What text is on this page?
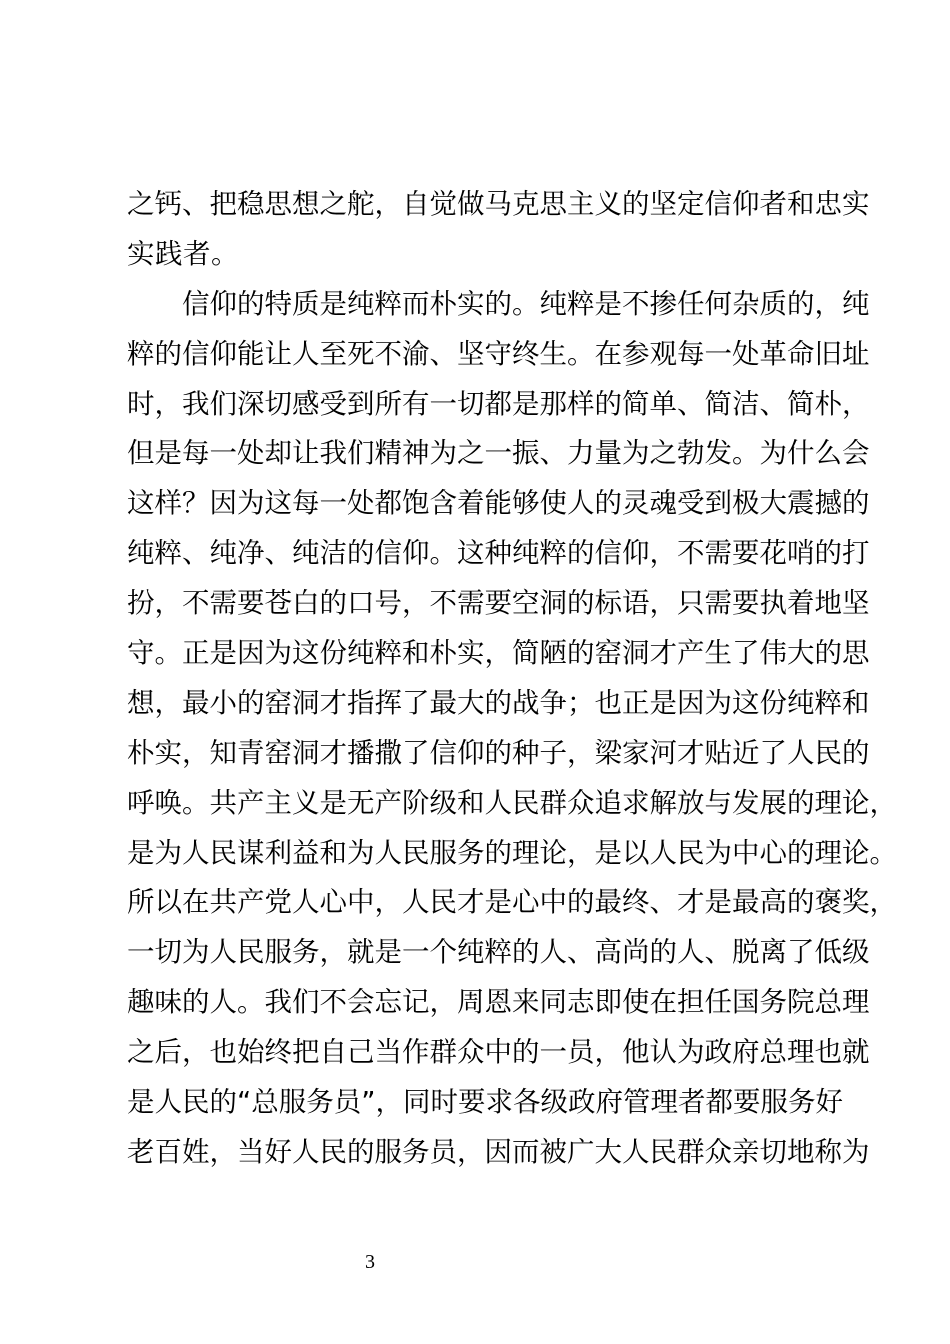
之钙、把稳思想之舵，自觉做马克思主义的坚定信仰者和忠实
实践者。
信仰的特质是纯粹而朴实的。纯粹是不掺任何杂质的，纯
粹的信仰能让人至死不渝、坚守终生。在参观每一处革命旧址
时，我们深切感受到所有一切都是那样的简单、简洁、简朴，
但是每一处却让我们精神为之一振、力量为之勃发。为什么会
这样？因为这每一处都饱含着能够使人的灵魂受到极大震撼的
纯粹、纯净、纯洁的信仰。这种纯粹的信仰，不需要花哨的打
扮，不需要苍白的口号，不需要空洞的标语，只需要执着地坚
守。正是因为这份纯粹和朴实，简陋的窑洞才产生了伟大的思
想，最小的窑洞才指挥了最大的战争；也正是因为这份纯粹和
朴实，知青窑洞才播撒了信仰的种子，梁家河才贴近了人民的
呼唤。共产主义是无产阶级和人民群众追求解放与发展的理论，
是为人民谋利益和为人民服务的理论，是以人民为中心的理论。
所以在共产党人心中，人民才是心中的最终、才是最高的褒奖，
一切为人民服务，就是一个纯粹的人、高尚的人、脱离了低级
趣味的人。我们不会忘记，周恩来同志即使在担任国务院总理
之后，也始终把自己当作群众中的一员，他认为政府总理也就
是人民的“总服务员”，同时要求各级政府管理者都要服务好
老百姓，当好人民的服务员，因而被广大人民群众亲切地称为
3
